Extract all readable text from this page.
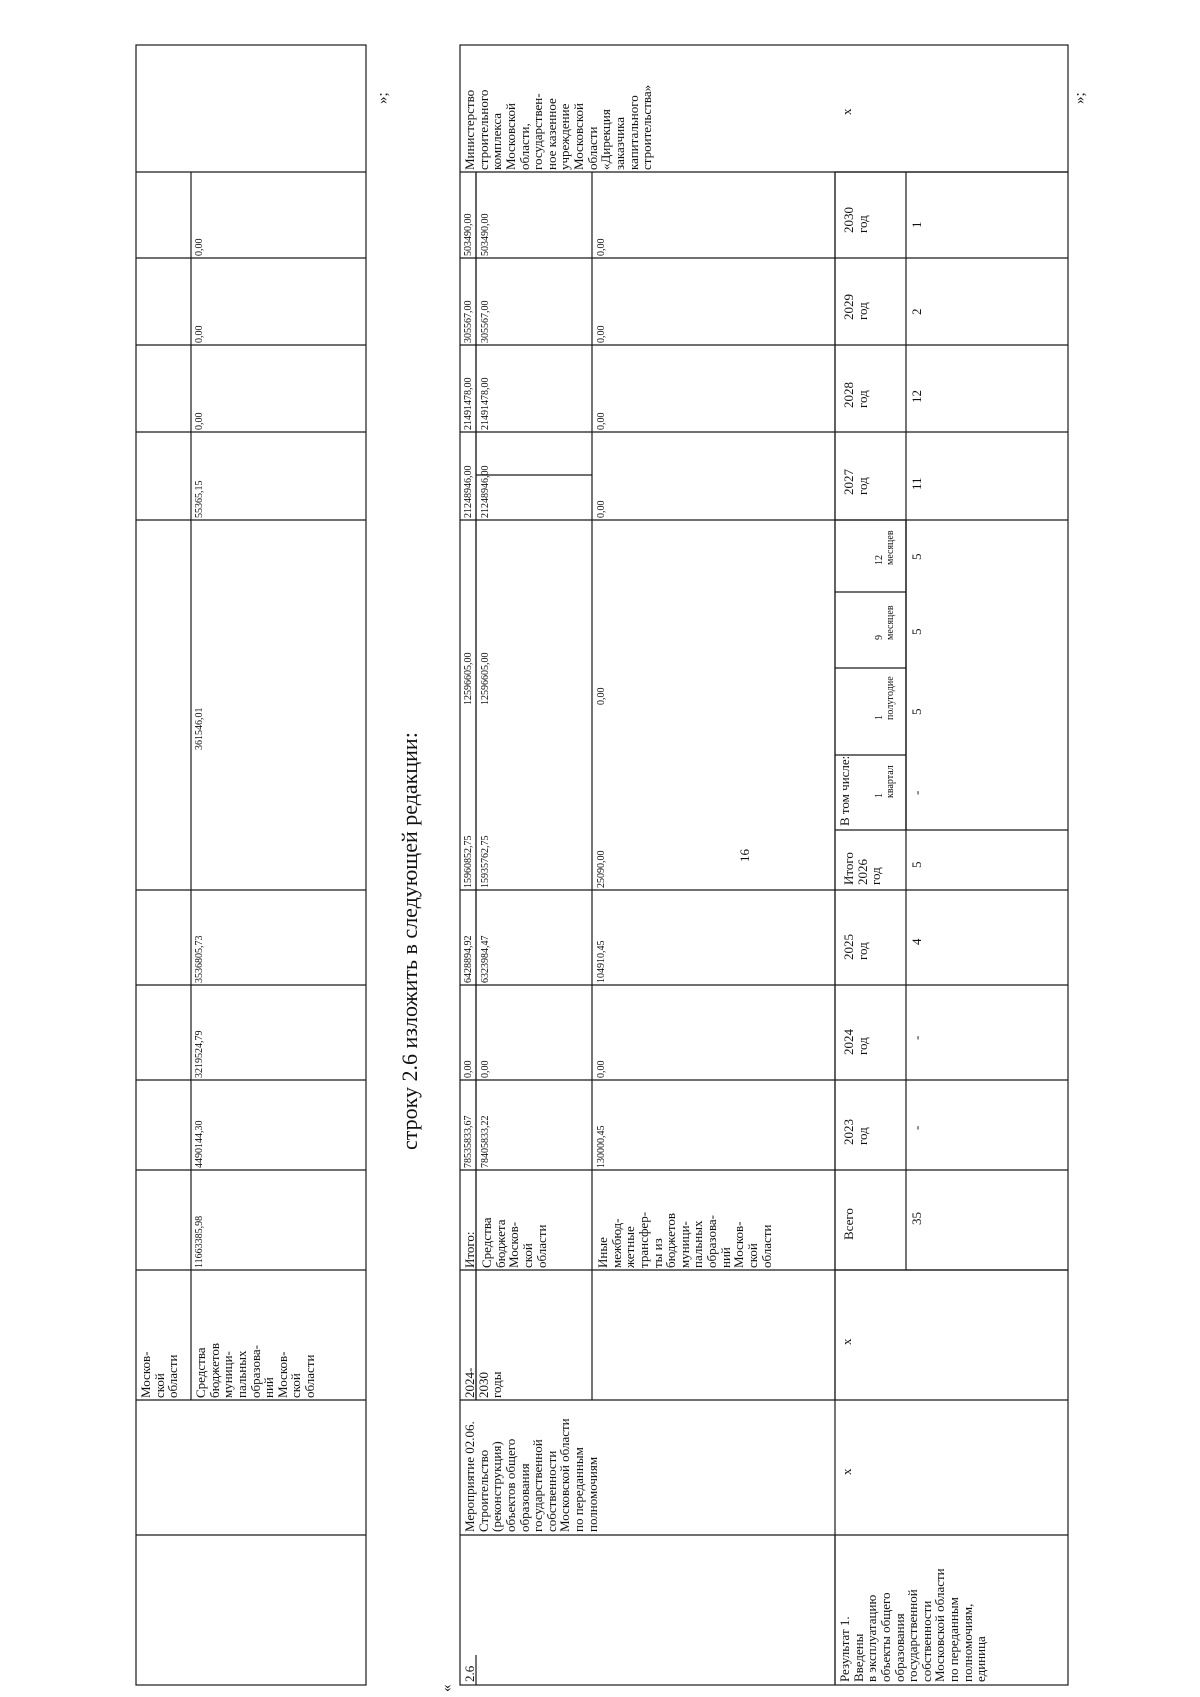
16
строку 2.6 изложить в следующей редакции:
«
»;	»;
Москов-
ской
области Средства
бюджетов
муници-
пальных
образова-
ний
Москов-
ской
области
11663385,98
4490144,30
3219524,79
3536805,73
361546,01
55365,15
0,00
0,00
0,00
2.6
Мероприятие 02.06.
Строительство
(реконструкция)
объектов общего
образования
государственной
собственности
Московской области
по переданным
полномочиям
2024-
2030
годы
Министерство
строительного
комплекса
Московской
области,
государствен-
ное казенное
учреждение
Московской
области
«Дирекция
заказчика
капитального
строительства»
Итого:
78535833,67
0,00
6428894,92
15960852,75
12596605,00
21248946,00
21491478,00
305567,00
503490,00
Средства
бюджета
Моcков-
ской
области
78405833,22
0,00
6323984,47
15935762,75
12596605,00
21248946,00
21491478,00
305567,00
503490,00
Иные
межбюд-
жетные
трансфер-
ты из
бюджетов
муници-
пальных
образова-
ний
Москов-
ской
области
130000,45
0,00
104910,45
25090,00
0,00
0,00
0,00
0,00
0,00
Результат 1.
Введены
в эксплуатацию
объекты общего
образования
государственной
собственности
Московской области
по переданным
полномочиям,
единица
х
х
х
Всего
2023
год
2024
год
2025
год
Итого
2026
год
В том числе: 1
квартал
1
полугодие
9
месяцев
12
месяцев
2027
год
2028
год
2029
год
2030
год
35
-
-
4
5
-
5
5
5
11
12
2
1
